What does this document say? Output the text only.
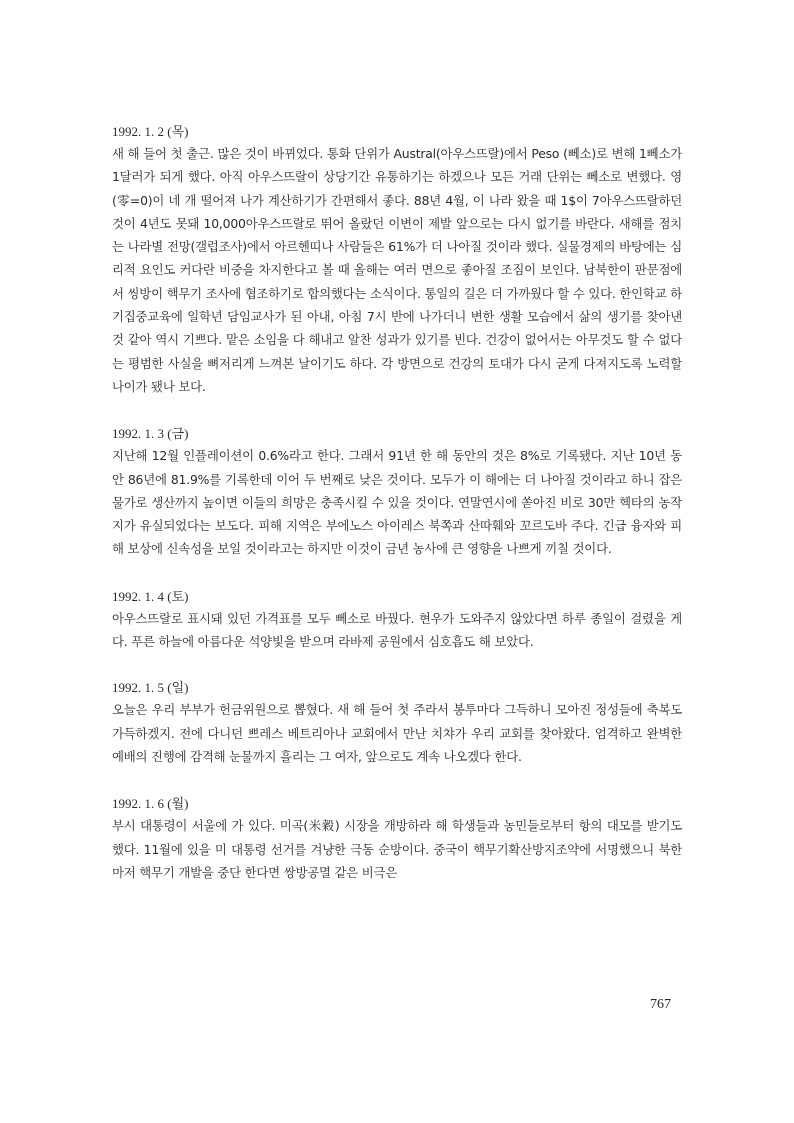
1992. 1. 2 (목)

새 해 들어 첫 출근. 많은 것이 바뀌었다. 통화 단위가 Austral(아우스뜨랄)에서 Peso (뻬소)로 변해 1뻬소가 1달러가 되게 했다. 아직 아우스뜨랄이 상당기간 유통하기는 하겠으나 모든 거래 단위는 뻬소로 변했다. 영(零=0)이 네 개 떨어져 나가 계산하기가 간편해서 좋다. 88년 4월, 이 나라 왔을 때 1$이 7아우스뜨랄하던 것이 4년도 못돼 10,000아우스뜨랄로 뛰어 올랐던 이변이 제발 앞으로는 다시 없기를 바란다. 새해를 점치는 나라별 전망(갤럽조사)에서 아르헨띠나 사람들은 61%가 더 나아질 것이라 했다. 실물경제의 바탕에는 심리적 요인도 커다란 비중을 차지한다고 볼 때 올해는 여러 면으로 좋아질 조짐이 보인다. 남북한이 판문점에서 씽방이 핵무기 조사에 협조하기로 합의했다는 소식이다. 통일의 길은 더 가까웠다 할 수 있다. 한인학교 하기집중교육에 일학년 담임교사가 된 아내, 아침 7시 반에 나가더니 변한 생활 모습에서 삶의 생기를 찾아낸 것 같아 역시 기쁘다. 맡은 소임을 다 해내고 알찬 성과가 있기를 빈다. 건강이 없어서는 아무것도 할 수 없다는 평범한 사실을 뼈저리게 느껴본 날이기도 하다. 각 방면으로 건강의 토대가 다시 굳게 다져지도록 노력할 나이가 됐나 보다.

1992. 1. 3 (금)

지난해 12월 인플레이션이 0.6%라고 한다. 그래서 91년 한 해 동안의 것은 8%로 기록됐다. 지난 10년 동안 86년에 81.9%를 기록한데 이어 두 번째로 낮은 것이다. 모두가 이 해에는 더 나아질 것이라고 하니 잡은 물가로 생산까지 높이면 이들의 희망은 충족시킬 수 있을 것이다. 연말연시에 쏟아진 비로 30만 헥타의 농작지가 유실되었다는 보도다. 피해 지역은 부에노스 아이레스 북쪽과 산따훼와 꼬르도바 주다. 긴급 융자와 피해 보상에 신속성을 보일 것이라고는 하지만 이것이 금년 농사에 큰 영향을 나쁘게 끼칠 것이다.

1992. 1. 4 (토)

아우스뜨랄로 표시돼 있던 가격표를 모두 뻬소로 바꿨다. 현우가 도와주지 않았다면 하루 종일이 걸렸을 게다. 푸른 하늘에 아름다운 석양빛을 받으며 라바제 공원에서 심호흡도 해 보았다.

1992. 1. 5 (일)

오늘은 우리 부부가 헌금위원으로 뽑혔다. 새 해 들어 첫 주라서 봉투마다 그득하니 모아진 정성들에 축복도 가득하겠지. 전에 다니던 쁘레스 베트리아나 교회에서 만난 치챠가 우리 교회를 찾아왔다. 엄격하고 완벽한 예배의 진행에 감격해 눈물까지 흘리는 그 여자, 앞으로도 계속 나오겠다 한다.

1992. 1. 6 (월)

부시 대통령이 서울에 가 있다. 미곡(米穀) 시장을 개방하라 해 학생들과 농민들로부터 항의 대모를 받기도 했다. 11월에 있을 미 대통령 선거를 겨냥한 극동 순방이다. 중국이 핵무기확산방지조약에 서명했으니 북한마저 핵무기 개발을 중단 한다면 쌍방공멸 같은 비극은

767
